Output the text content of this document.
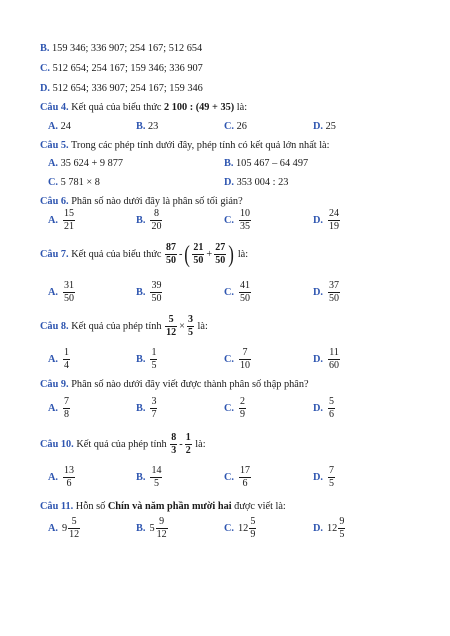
B. 159 346; 336 907; 254 167; 512 654
C. 512 654; 254 167; 159 346; 336 907
D. 512 654; 336 907; 254 167; 159 346
Câu 4. Kết quả của biểu thức 2 100 : (49 + 35) là:
A. 24	B. 23	C. 26	D. 25
Câu 5. Trong các phép tính dưới đây, phép tính có kết quả lớn nhất là:
A. 35 624 + 9 877	B. 105 467 – 64 497
C. 5 781 × 8	D. 353 004 : 23
Câu 6. Phân số nào dưới đây là phân số tối giản?
A. $\frac{15}{21}$	B. $\frac{8}{20}$	C. $\frac{10}{35}$	D. $\frac{24}{19}$
Câu 7.
Kết quả của biểu thức
$\frac{87}{50}$ - ( $\frac{21}{50} + \frac{27}{50}$ )
là:
A. $\frac{31}{50}$	B. $\frac{39}{50}$	C. $\frac{41}{50}$	D. $\frac{37}{50}$
Câu 8.
Kết quả của phép tính
$\frac{5}{12} \times \frac{3}{5}$
là:
A. $\frac{1}{4}$	B. $\frac{1}{5}$	C. $\frac{7}{10}$	D. $\frac{11}{60}$
Câu 9. Phân số nào dưới đây viết được thành phân số thập phân?
A. $\frac{7}{8}$	B. $\frac{3}{7}$	C. $\frac{2}{9}$	D. $\frac{5}{6}$
Câu 10.
Kết quả của phép tính
$\frac{8}{3} - \frac{1}{2}$
là:
A. $\frac{13}{6}$	B. $\frac{14}{5}$	C. $\frac{17}{6}$	D. $\frac{7}{5}$
Câu 11. Hỗn số Chín và năm phần mười hai được viết là:
A. $9 \frac{5}{12}$	B. $5 \frac{9}{12}$	C. $12 \frac{5}{9}$	D. $12 \frac{9}{5}$
